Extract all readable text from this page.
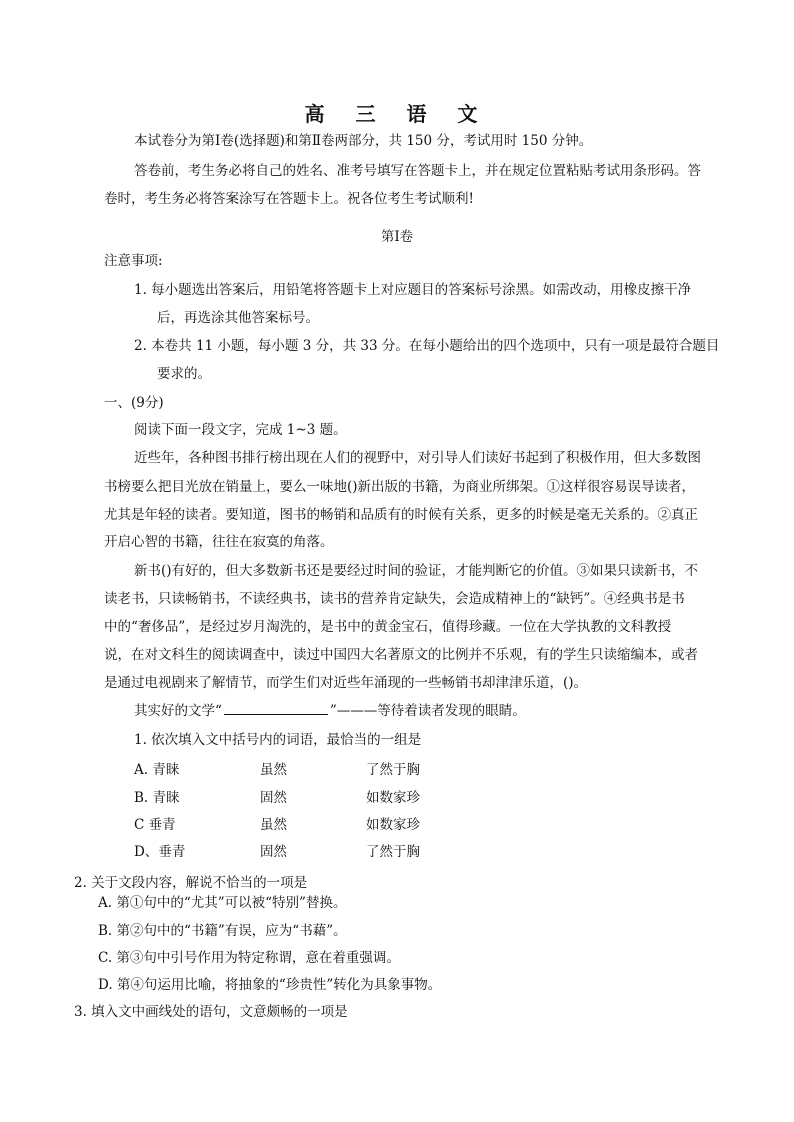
高 三 语 文
本试卷分为第Ⅰ卷(选择题)和第Ⅱ卷两部分，共 150 分，考试用时 150 分钟。
答卷前，考生务必将自己的姓名、准考号填写在答题卡上，并在规定位置粘贴考试用条形码。答
卷时，考生务必将答案涂写在答题卡上。祝各位考生考试顺利!
第Ⅰ卷
注意事项:
1. 每小题选出答案后，用铅笔将答题卡上对应题目的答案标号涂黑。如需改动，用橡皮擦干净
后，再选涂其他答案标号。
2. 本卷共 11 小题，每小题 3 分，共 33 分。在每小题给出的四个选项中，只有一项是最符合题目
要求的。
一、(9分)
阅读下面一段文字，完成 1~3 题。
近些年，各种图书排行榜出现在人们的视野中，对引导人们读好书起到了积极作用，但大多数图
书榜要么把目光放在销量上，要么一味地()新出版的书籍，为商业所绑架。①这样很容易误导读者，
尤其是年轻的读者。要知道，图书的畅销和品质有的时候有关系，更多的时候是毫无关系的。②真正
开启心智的书籍，往往在寂寞的角落。
新书()有好的，但大多数新书还是要经过时间的验证，才能判断它的价值。③如果只读新书，不
读老书，只读畅销书，不读经典书，读书的营养肯定缺失，会造成精神上的“缺钙”。④经典书是书
中的“奢侈品”，是经过岁月淘洗的，是书中的黄金宝石，值得珍藏。一位在大学执教的文科教授
说，在对文科生的阅读调查中，读过中国四大名著原文的比例并不乐观，有的学生只读缩编本，或者
是通过电视剧来了解情节，而学生们对近些年涌现的一些畅销书却津津乐道，()。
其实好的文学“	”———等待着读者发现的眼睛。
1. 依次填入文中括号内的词语，最恰当的一组是
A. 青睐	虽然	了然于胸
B. 青睐	固然	如数家珍
C 垂青	虽然	如数家珍
D、垂青	固然	了然于胸
2. 关于文段内容，解说不恰当的一项是
A. 第①句中的“尤其”可以被“特别”替换。
B. 第②句中的“书籍”有误，应为“书藉”。
C. 第③句中引号作用为特定称谓，意在着重强调。
D. 第④句运用比喻，将抽象的“珍贵性”转化为具象事物。
3. 填入文中画线处的语句，文意颇畅的一项是
